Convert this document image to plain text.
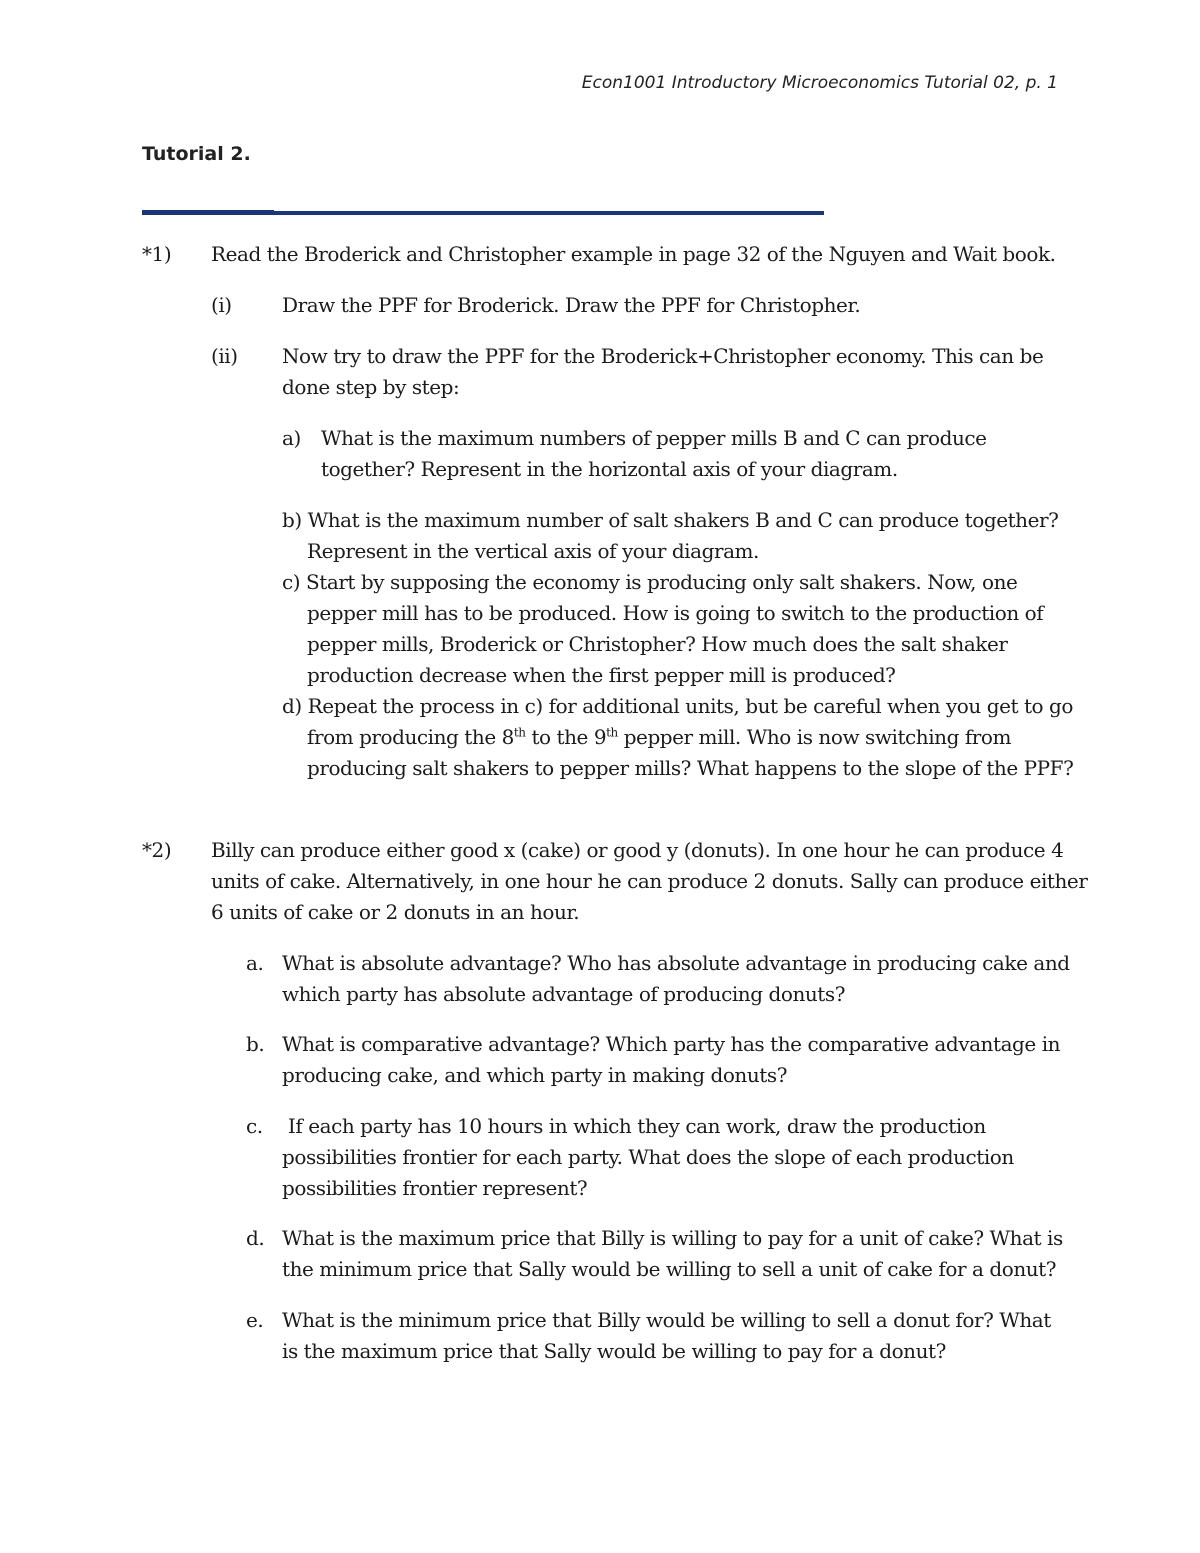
Econ1001 Introductory Microeconomics Tutorial 02, p. 1
Tutorial 2.
*1) Read the Broderick and Christopher example in page 32 of the Nguyen and Wait book.
(i)	Draw the PPF for Broderick. Draw the PPF for Christopher.
(ii) Now try to draw the PPF for the Broderick+Christopher economy. This can be
done step by step:
a) What is the maximum numbers of pepper mills B and C can produce
together? Represent in the horizontal axis of your diagram.
b) What is the maximum number of salt shakers B and C can produce together?
Represent in the vertical axis of your diagram.
c) Start by supposing the economy is producing only salt shakers. Now, one
pepper mill has to be produced. How is going to switch to the production of
pepper mills, Broderick or Christopher? How much does the salt shaker
production decrease when the first pepper mill is produced?
d) Repeat the process in c) for additional units, but be careful when you get to go
from producing the 8th to the 9th pepper mill. Who is now switching from
producing salt shakers to pepper mills? What happens to the slope of the PPF?
*2) Billy can produce either good x (cake) or good y (donuts). In one hour he can produce 4
units of cake. Alternatively, in one hour he can produce 2 donuts. Sally can produce either
6 units of cake or 2 donuts in an hour.
a. What is absolute advantage? Who has absolute advantage in producing cake and
which party has absolute advantage of producing donuts?
b. What is comparative advantage? Which party has the comparative advantage in
producing cake, and which party in making donuts?
c. If each party has 10 hours in which they can work, draw the production
possibilities frontier for each party. What does the slope of each production
possibilities frontier represent?
d. What is the maximum price that Billy is willing to pay for a unit of cake? What is
the minimum price that Sally would be willing to sell a unit of cake for a donut?
e. What is the minimum price that Billy would be willing to sell a donut for? What
is the maximum price that Sally would be willing to pay for a donut?
